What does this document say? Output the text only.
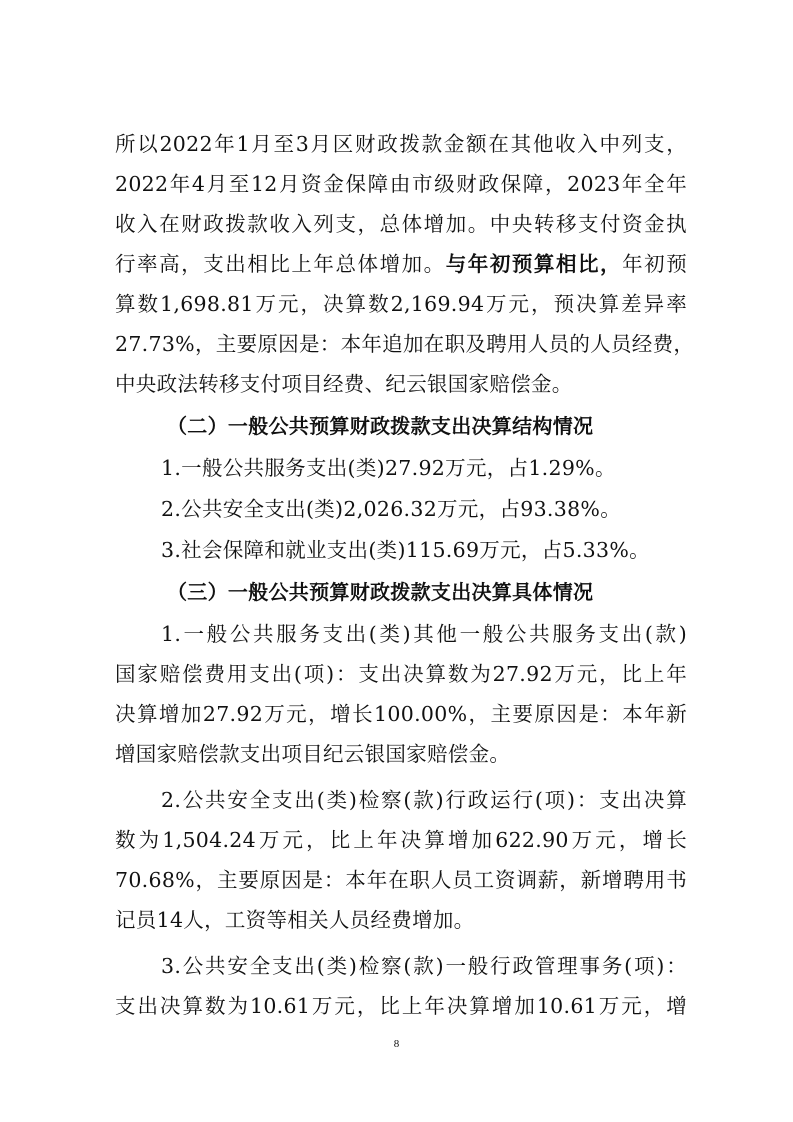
所以2022年1月至3月区财政拨款金额在其他收入中列支，
2022年4月至12月资金保障由市级财政保障，2023年全年
收入在财政拨款收入列支，总体增加。中央转移支付资金执
行率高，支出相比上年总体增加。与年初预算相比，年初预
算数1,698.81万元，决算数2,169.94万元，预决算差异率
27.73%，主要原因是：本年追加在职及聘用人员的人员经费，
中央政法转移支付项目经费、纪云银国家赔偿金。
（二）一般公共预算财政拨款支出决算结构情况
1.一般公共服务支出(类)27.92万元，占1.29%。
2.公共安全支出(类)2,026.32万元，占93.38%。
3.社会保障和就业支出(类)115.69万元，占5.33%。
（三）一般公共预算财政拨款支出决算具体情况
1.一般公共服务支出(类)其他一般公共服务支出(款)
国家赔偿费用支出(项)：支出决算数为27.92万元，比上年
决算增加27.92万元，增长100.00%，主要原因是：本年新
增国家赔偿款支出项目纪云银国家赔偿金。
2.公共安全支出(类)检察(款)行政运行(项)：支出决算
数为1,504.24万元，比上年决算增加622.90万元，增长
70.68%，主要原因是：本年在职人员工资调薪，新增聘用书
记员14人，工资等相关人员经费增加。
3.公共安全支出(类)检察(款)一般行政管理事务(项)：
支出决算数为10.61万元，比上年决算增加10.61万元，增
8
